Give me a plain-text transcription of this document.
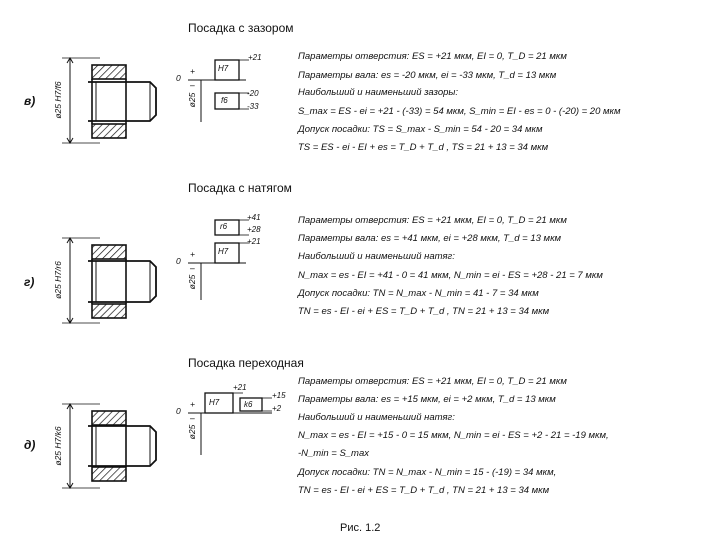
Посадка с зазором
в) ø25 H7/f6
0
+
–
ø25
H7
f6
+21
-20
-33
Параметры отверстия: ES = +21 мкм, EI = 0, T_D = 21 мкм
Параметры вала: es = -20 мкм, ei = -33 мкм, T_d = 13 мкм
Наибольший и наименьший зазоры:
S_max = ES - ei = +21 - (-33) = 54 мкм, S_min = EI - es = 0 - (-20) = 20 мкм
Допуск посадки: TS = S_max - S_min = 54 - 20 = 34 мкм
TS = ES - ei - EI + es = T_D + T_d , TS = 21 + 13 = 34 мкм
Посадка с натягом
г) ø25 H7/r6
0
+
–
ø25
r6
H7
+41
+28
+21
Параметры отверстия: ES = +21 мкм, EI = 0, T_D = 21 мкм
Параметры вала: es = +41 мкм, ei = +28 мкм, T_d = 13 мкм
Наибольший и наименьший натяг:
N_max = es - EI = +41 - 0 = 41 мкм, N_min = ei - ES = +28 - 21 = 7 мкм
Допуск посадки: TN = N_max - N_min = 41 - 7 = 34 мкм
TN = es - EI - ei + ES = T_D + T_d , TN = 21 + 13 = 34 мкм
Посадка переходная
д) ø25 H7/k6
0
+
–
ø25
H7	k6
+21
+15
+2
Параметры отверстия: ES = +21 мкм, EI = 0, T_D = 21 мкм
Параметры вала: es = +15 мкм, ei = +2 мкм, T_d = 13 мкм
Наибольший и наименьший натяг:
N_max = es - EI = +15 - 0 = 15 мкм, N_min = ei - ES = +2 - 21 = -19 мкм,
-N_min = S_max
Допуск посадки: TN = N_max - N_min = 15 - (-19) = 34 мкм,
TN = es - EI - ei + ES = T_D + T_d , TN = 21 + 13 = 34 мкм
Рис. 1.2
